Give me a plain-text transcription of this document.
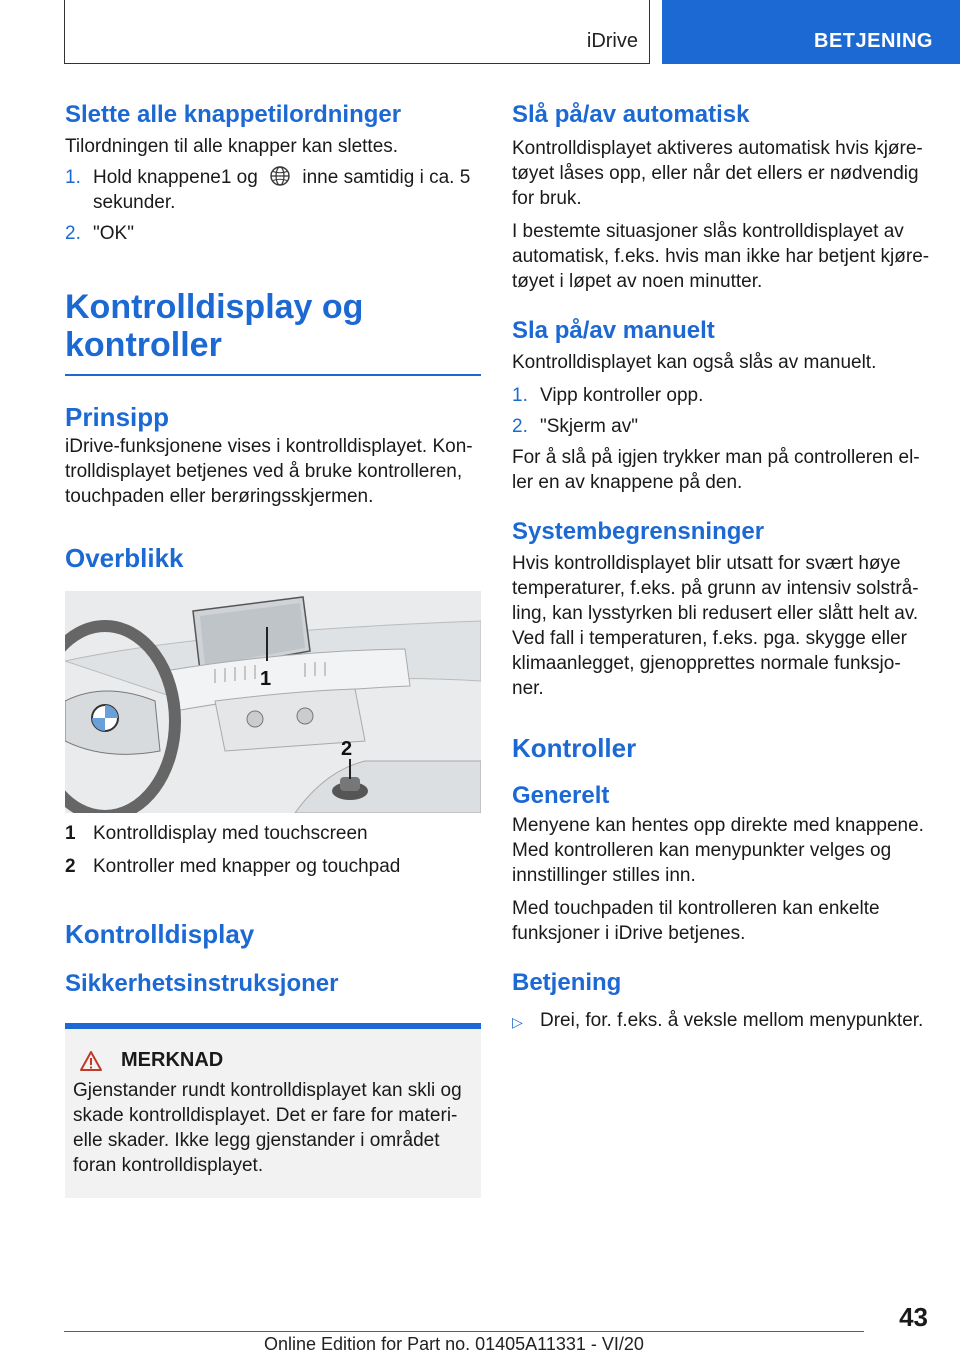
iDrive	BETJENING
Slette alle knappetilordninger

Tilordningen til alle knapper kan slettes.

1. Hold knappene1 og inne samtidig i ca. 5 sekunder.
2. "OK"
Kontrolldisplay og
kontroller
Prinsipp

iDrive-funksjonene vises i kontrolldisplayet. Kon- trolldisplayet betjenes ved å bruke kontrolleren, touchpaden eller berøringsskjermen.

Overblikk
1
2
1 Kontrolldisplay med touchscreen
2 Kontroller med knapper og touchpad
Kontrolldisplay
Sikkerhetsinstruksjoner
MERKNAD

Gjenstander rundt kontrolldisplayet kan skli og skade kontrolldisplayet. Det er fare for materi- elle skader. Ikke legg gjenstander i området foran kontrolldisplayet.

Slå på/av automatisk

Kontrolldisplayet aktiveres automatisk hvis kjøre- tøyet låses opp, eller når det ellers er nødvendig for bruk.

I bestemte situasjoner slås kontrolldisplayet av automatisk, f.eks. hvis man ikke har betjent kjøre- tøyet i løpet av noen minutter.

Sla på/av manuelt

Kontrolldisplayet kan også slås av manuelt.

1. Vipp kontroller opp.
2. "Skjerm av"

For å slå på igjen trykker man på controlleren el- ler en av knappene på den.

Systembegrensninger

Hvis kontrolldisplayet blir utsatt for svært høye temperaturer, f.eks. på grunn av intensiv solstrå- ling, kan lysstyrken bli redusert eller slått helt av. Ved fall i temperaturen, f.eks. pga. skygge eller klimaanlegget, gjenopprettes normale funksjo- ner.

Kontroller
Generelt

Menyene kan hentes opp direkte med knappene. Med kontrolleren kan menypunkter velges og innstillinger stilles inn.

Med touchpaden til kontrolleren kan enkelte funksjoner i iDrive betjenes.

Betjening
▷ Drei, for. f.eks. å veksle mellom menypunkter.
43
Online Edition for Part no. 01405A11331 - VI/20
